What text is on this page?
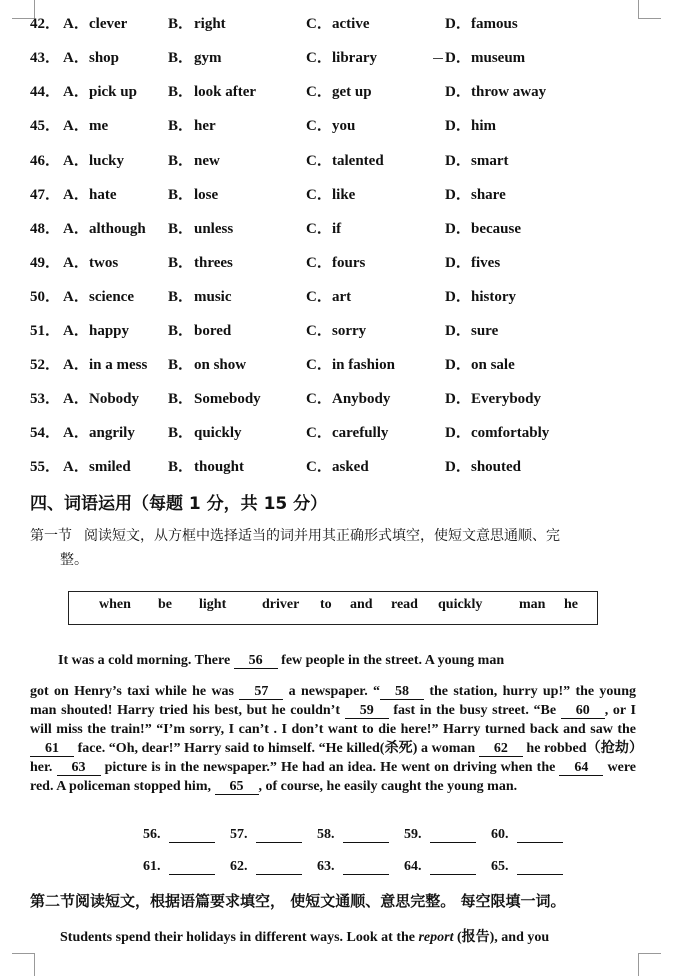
42． A．clever	B．right	C．active	D．famous
43． A．shop	B．gym	C．library	D．museum
44． A．pick up B．look after	C．get up	D．throw away
45． A．me	B．her	C．you	D．him
46． A．lucky	B．new	C．talented	D．smart
47． A．hate	B．lose	C．like	D．share
48． A．although B．unless	C．if	D．because
49． A．twos	B．threes	C．fours	D．fives
50． A．science B．music	C．art	D．history
51． A．happy	B．bored	C．sorry	D．sure
52． A．in a mess B．on show	C．in fashion	D．on sale
53． A．Nobody B．Somebody	C．Anybody	D．Everybody
54． A．angrily B．quickly	C．carefully	D．comfortably
55． A．smiled B．thought	C．asked	D．shouted
四、词语运用（每题 1 分，共 15 分）
第一节 阅读短文，从方框中选择适当的词并用其正确形式填空，使短文意思通顺、完
整。
when be light	driver to and read quickly	man he
It was a cold morning. There 56 few people in the street. A young man
got on Henry’s taxi while he was 57 a newspaper. “ 58 the station, hurry up!” the young man shouted! Harry tried his best, but he couldn’t 59 fast in the busy street. “Be 60 , or I will miss the train!” “I’m sorry, I can’t . I don’t want to die here!” Harry turned back and saw the 61 face. “Oh, dear!” Harry said to himself. “He killed(杀死) a woman 62 he robbed（抢劫）her. 63 picture is in the newspaper.” He had an idea. He went on driving when the 64 were red. A policeman stopped him, 65 , of course, he easily caught the young man.
56.	57.	58.	59.	60.
61.	62.	63.	64.	65.
第二节阅读短文，根据语篇要求填空， 使短文通顺、意思完整。 每空限填一词。
Students spend their holidays in different ways. Look at the report (报告), and you
